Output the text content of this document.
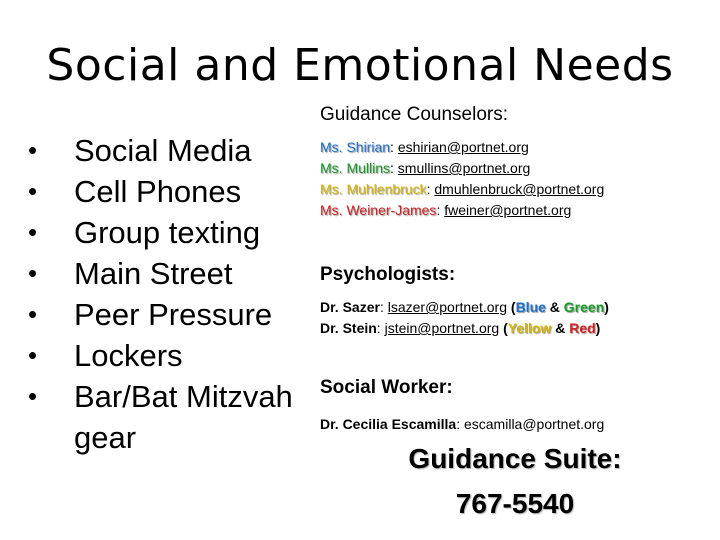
Social and Emotional Needs
• Social Media
• Cell Phones
• Group texting
• Main Street
• Peer Pressure
• Lockers
• Bar/Bat Mitzvah gear
Guidance Counselors:
Ms. Shirian: eshirian@portnet.org
Ms. Mullins: smullins@portnet.org
Ms. Muhlenbruck: dmuhlenbruck@portnet.org
Ms. Weiner-James: fweiner@portnet.org
Psychologists:
Dr. Sazer: lsazer@portnet.org (Blue & Green)
Dr. Stein: jstein@portnet.org (Yellow & Red)
Social Worker:
Dr. Cecilia Escamilla: escamilla@portnet.org
Guidance Suite:
767-5540
